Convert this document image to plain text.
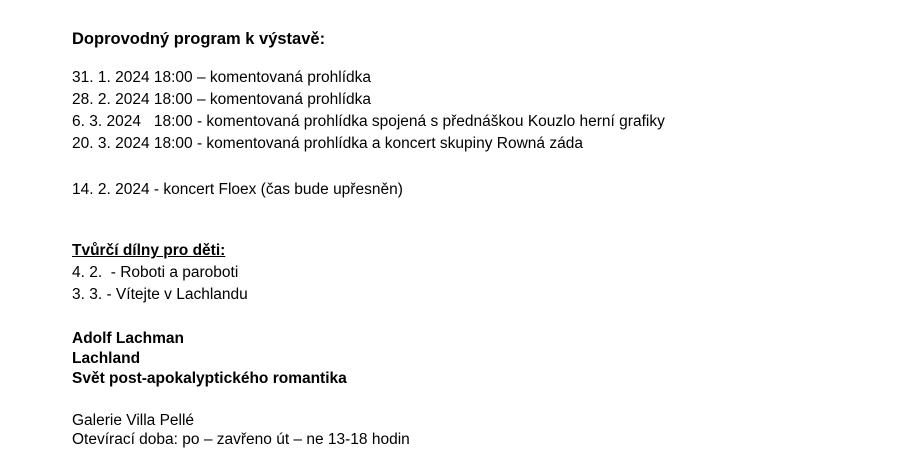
Doprovodný program k výstavě:
31. 1. 2024 18:00 – komentovaná prohlídka
28. 2. 2024 18:00 – komentovaná prohlídka
6. 3. 2024   18:00 - komentovaná prohlídka spojená s přednáškou Kouzlo herní grafiky
20. 3. 2024 18:00 - komentovaná prohlídka a koncert skupiny Rowná záda
14. 2. 2024 - koncert Floex (čas bude upřesněn)
Tvůrčí dílny pro děti:
4. 2.  - Roboti a paroboti
3. 3. - Vítejte v Lachlandu
Adolf Lachman
Lachland
Svět post-apokalyptického romantika
Galerie Villa Pellé
Otevírací doba: po – zavřeno út – ne 13-18 hodin
